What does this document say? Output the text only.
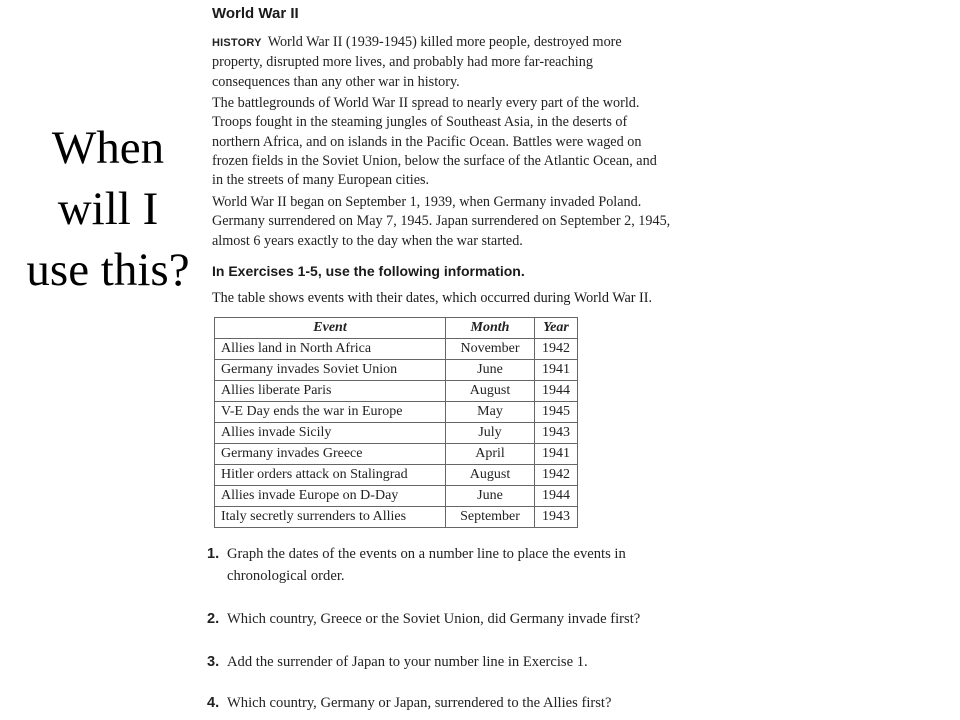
When
will I
use this?
World War II
HISTORY World War II (1939-1945) killed more people, destroyed more
property, disrupted more lives, and probably had more far-reaching
consequences than any other war in history.
The battlegrounds of World War II spread to nearly every part of the world.
Troops fought in the steaming jungles of Southeast Asia, in the deserts of
northern Africa, and on islands in the Pacific Ocean. Battles were waged on
frozen fields in the Soviet Union, below the surface of the Atlantic Ocean, and
in the streets of many European cities.
World War II began on September 1, 1939, when Germany invaded Poland.
Germany surrendered on May 7, 1945. Japan surrendered on September 2, 1945,
almost 6 years exactly to the day when the war started.
In Exercises 1-5, use the following information.
The table shows events with their dates, which occurred during World War II.
Event	Month	Year
Allies land in North Africa	November	1942
Germany invades Soviet Union	June	1941
Allies liberate Paris	August	1944
V-E Day ends the war in Europe	May	1945
Allies invade Sicily	July	1943
Germany invades Greece	April	1941
Hitler orders attack on Stalingrad	August	1942
Allies invade Europe on D-Day	June	1944
Italy secretly surrenders to Allies	September	1943
1. Graph the dates of the events on a number line to place the events in
chronological order.
2. Which country, Greece or the Soviet Union, did Germany invade first?
3. Add the surrender of Japan to your number line in Exercise 1.
4. Which country, Germany or Japan, surrendered to the Allies first?
